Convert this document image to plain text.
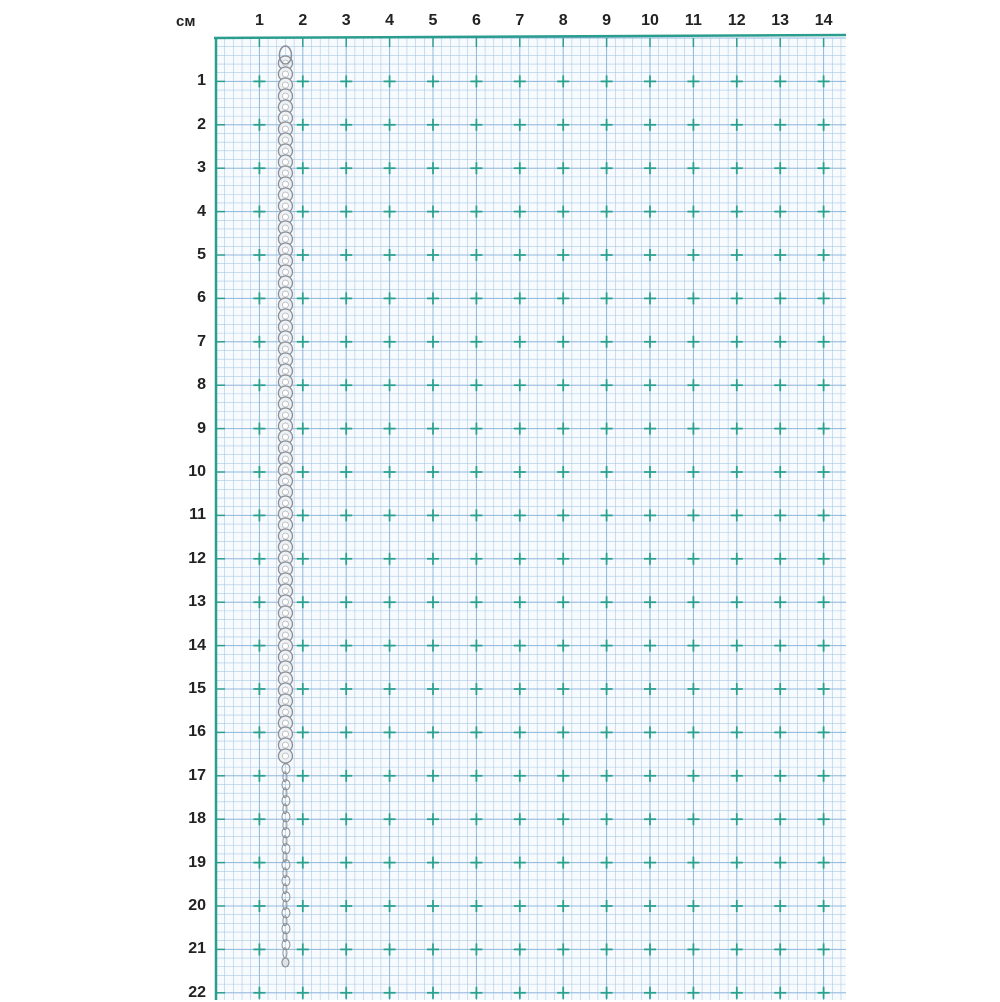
см	1	2	3	4	5	6	7	8	9	10	11	12	13	14
1
2
3
4
5
6
7
8
9
10
11
12
13
14
15
16
17
18
19
20
21
22
